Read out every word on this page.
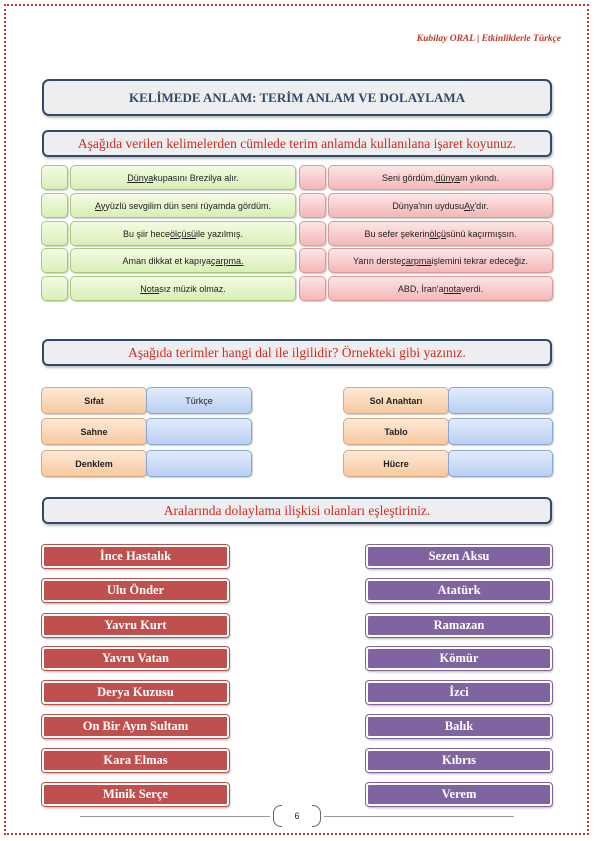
Kubilay ORAL | Etkinliklerle Türkçe
KELİMEDE ANLAM: TERİM ANLAM VE DOLAYLAMA
Aşağıda verilen kelimelerden cümlede terim anlamda kullanılana işaret koyunuz.
Dünya kupasını Brezilya alır.
Ay yüzlü sevgilim dün seni rüyamda gördüm.
Bu şiir hece ölçüsü ile yazılmış.
Aman dikkat et kapıya çarpma.
Nota sız müzik olmaz.
Seni gördüm, dünya m yıkındı.
Dünya'nın uydusu Ay 'dır.
Bu sefer şekerin ölçü sünü kaçırmışsın.
Yarın derste çarpma işlemini tekrar edeceğiz.
ABD, İran'a nota verdi.
Aşağıda terimler hangi dal ile ilgilidir? Örnekteki gibi yazınız.
Sıfat	Türkçe
Sahne
Denklem
Sol Anahtarı
Tablo
Hücre
Aralarında dolaylama ilişkisi olanları eşleştiriniz.
İnce Hastalık
Ulu Önder
Yavru Kurt
Yavru Vatan
Derya Kuzusu
On Bir Ayın Sultanı
Kara Elmas
Minik Serçe
Sezen Aksu
Atatürk
Ramazan
Kömür
İzci
Balık
Kıbrıs
Verem
6
